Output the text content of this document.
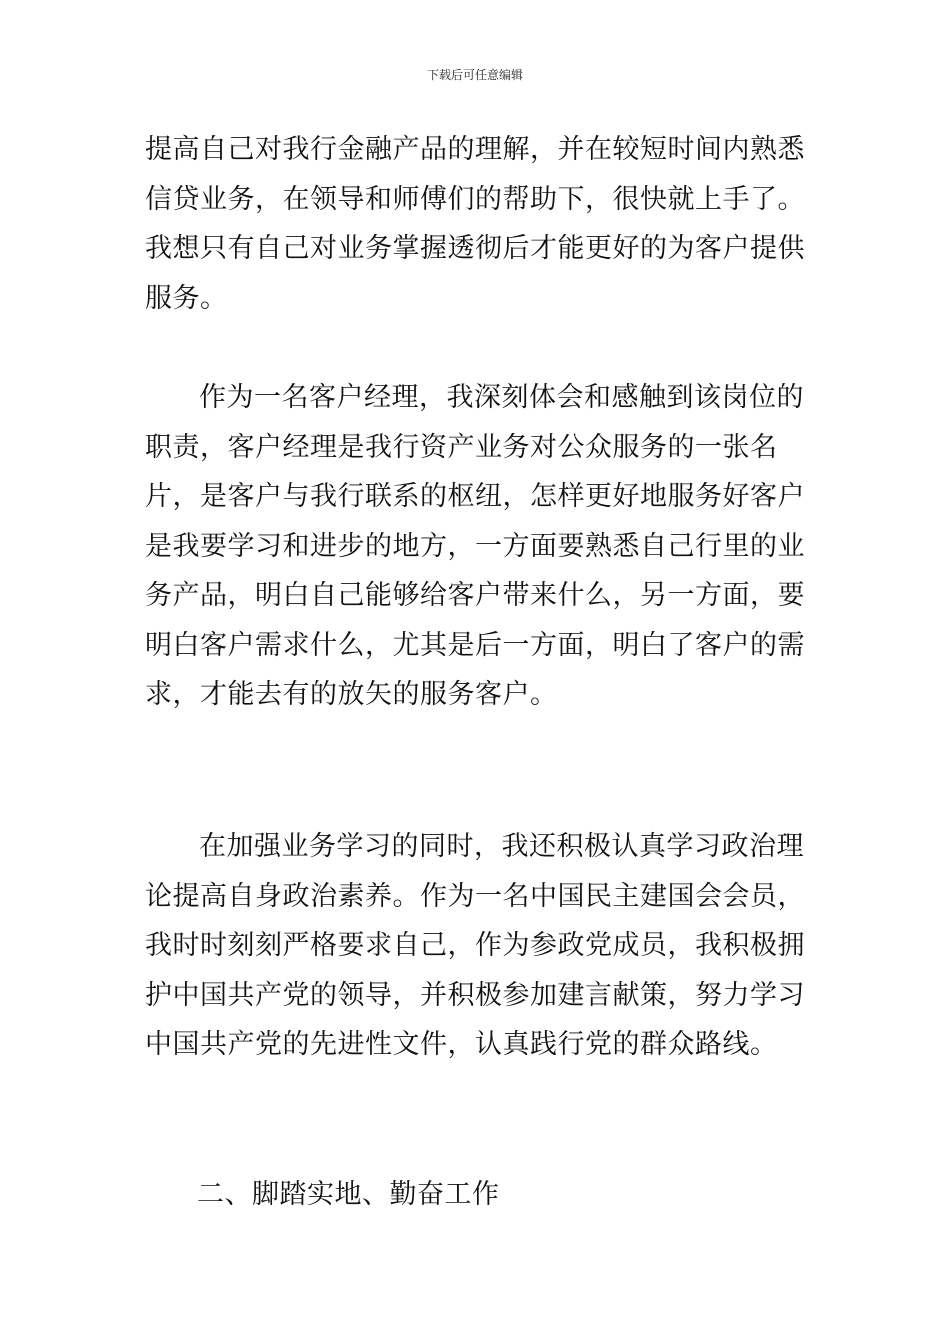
下载后可任意编辑

提高自己对我行金融产品的理解，并在较短时间内熟悉信贷业务，在领导和师傅们的帮助下，很快就上手了。我想只有自己对业务掌握透彻后才能更好的为客户提供服务。

作为一名客户经理，我深刻体会和感触到该岗位的职责，客户经理是我行资产业务对公众服务的一张名片，是客户与我行联系的枢纽，怎样更好地服务好客户是我要学习和进步的地方，一方面要熟悉自己行里的业务产品，明白自己能够给客户带来什么，另一方面，要明白客户需求什么，尤其是后一方面，明白了客户的需求，才能去有的放矢的服务客户。

在加强业务学习的同时，我还积极认真学习政治理论提高自身政治素养。作为一名中国民主建国会会员，我时时刻刻严格要求自己，作为参政党成员，我积极拥护中国共产党的领导，并积极参加建言献策，努力学习中国共产党的先进性文件，认真践行党的群众路线。

二、脚踏实地、勤奋工作
